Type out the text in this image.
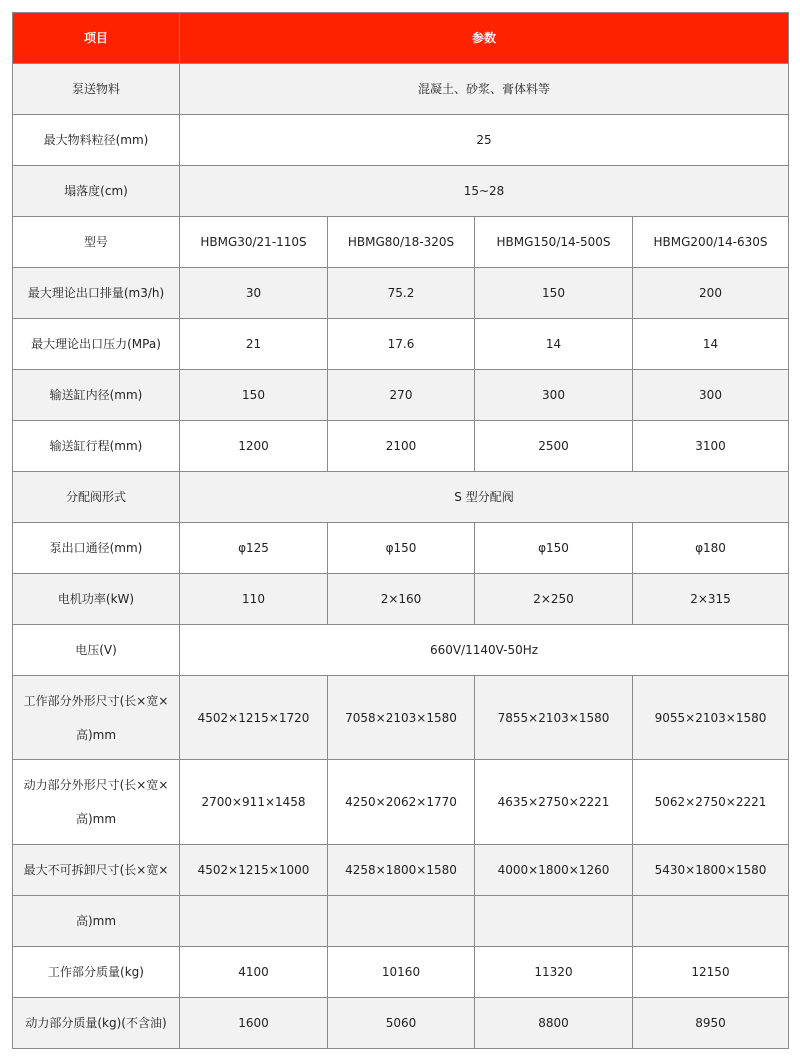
项目	参数			
泵送物料	混凝土、砂浆、膏体料等			
最大物料粒径(mm)	25			
塌落度(cm)	15~28			
型号	HBMG30/21-110S	HBMG80/18-320S	HBMG150/14-500S	HBMG200/14-630S
最大理论出口排量(m3/h)	30	75.2	150	200
最大理论出口压力(MPa)	21	17.6	14	14
输送缸内径(mm)	150	270	300	300
输送缸行程(mm)	1200	2100	2500	3100
分配阀形式	S 型分配阀			
泵出口通径(mm)	φ125	φ150	φ150	φ180
电机功率(kW)	110	2×160	2×250	2×315
电压(V)	660V/1140V-50Hz			
工作部分外形尺寸(长×宽×高)mm	4502×1215×1720	7058×2103×1580	7855×2103×1580	9055×2103×1580
动力部分外形尺寸(长×宽×高)mm	2700×911×1458	4250×2062×1770	4635×2750×2221	5062×2750×2221
最大不可拆卸尺寸(长×宽×	4502×1215×1000	4258×1800×1580	4000×1800×1260	5430×1800×1580
高)mm				
工作部分质量(kg)	4100	10160	11320	12150
动力部分质量(kg)(不含油)	1600	5060	8800	8950
